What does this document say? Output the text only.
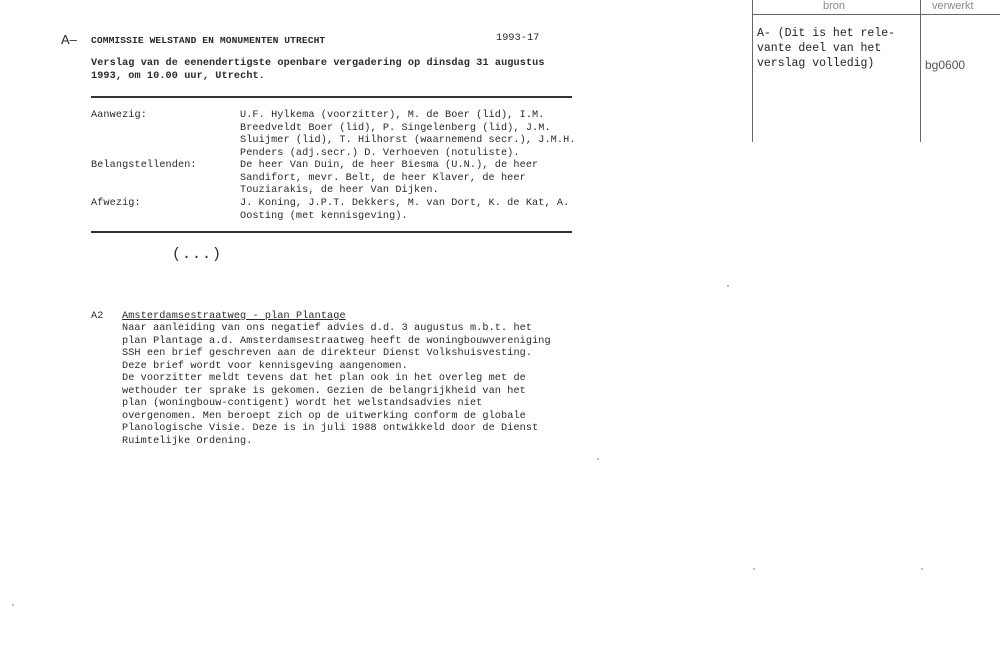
bron	verwerkt
A- (Dit is het rele-
vante deel van het
verslag volledig)	bg0600
A– COMMISSIE WELSTAND EN MONUMENTEN UTRECHT	1993-17
Verslag van de eenendertigste openbare vergadering op dinsdag 31 augustus
1993, om 10.00 uur, Utrecht.
Aanwezig:	U.F. Hylkema (voorzitter), M. de Boer (lid), I.M.
Breedveldt Boer (lid), P. Singelenberg (lid), J.M.
Sluijmer (lid), T. Hilhorst (waarnemend secr.), J.M.H.
Penders (adj.secr.) D. Verhoeven (notuliste).
Belangstellenden:	De heer Van Duin, de heer Biesma (U.N.), de heer
Sandifort, mevr. Belt, de heer Klaver, de heer
Touziarakis, de heer Van Dijken.
Afwezig:	J. Koning, J.P.T. Dekkers, M. van Dort, K. de Kat, A.
Oosting (met kennisgeving).
(...)
A2 Amsterdamsestraatweg - plan Plantage
Naar aanleiding van ons negatief advies d.d. 3 augustus m.b.t. het
plan Plantage a.d. Amsterdamsestraatweg heeft de woningbouwvereniging
SSH een brief geschreven aan de direkteur Dienst Volkshuisvesting.
Deze brief wordt voor kennisgeving aangenomen.
De voorzitter meldt tevens dat het plan ook in het overleg met de
wethouder ter sprake is gekomen. Gezien de belangrijkheid van het
plan (woningbouw-contigent) wordt het welstandsadvies niet
overgenomen. Men beroept zich op de uitwerking conform de globale
Planologische Visie. Deze is in juli 1988 ontwikkeld door de Dienst
Ruimtelijke Ordening.
